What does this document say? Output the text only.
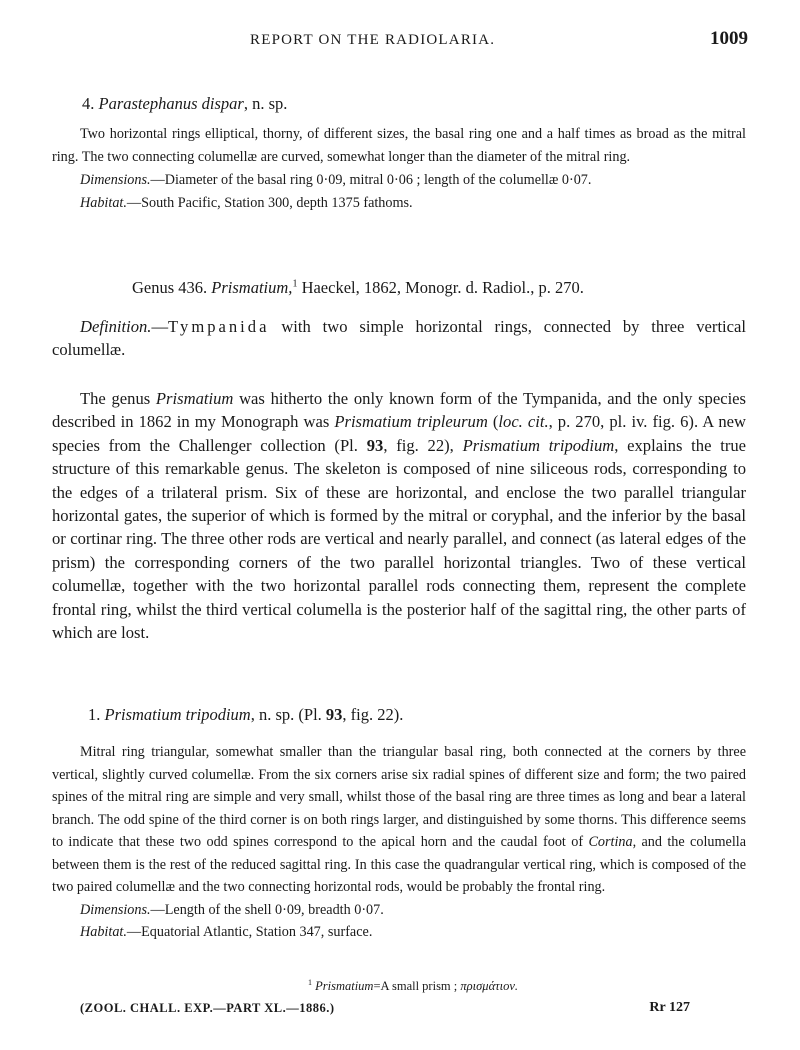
REPORT ON THE RADIOLARIA.	1009
4. Parastephanus dispar, n. sp.

Two horizontal rings elliptical, thorny, of different sizes, the basal ring one and a half times as broad as the mitral ring. The two connecting columellæ are curved, somewhat longer than the diameter of the mitral ring.

Dimensions.—Diameter of the basal ring 0·09, mitral 0·06 ; length of the columellæ 0·07.

Habitat.—South Pacific, Station 300, depth 1375 fathoms.

Genus 436. Prismatium,$^1$ Haeckel, 1862, Monogr. d. Radiol., p. 270.

Definition.—Tympanida with two simple horizontal rings, connected by three vertical columellæ.

The genus Prismatium was hitherto the only known form of the Tympanida, and the only species described in 1862 in my Monograph was Prismatium tripleurum (loc. cit., p. 270, pl. iv. fig. 6). A new species from the Challenger collection (Pl. 93, fig. 22), Prismatium tripodium, explains the true structure of this remarkable genus. The skeleton is composed of nine siliceous rods, corresponding to the edges of a trilateral prism. Six of these are horizontal, and enclose the two parallel triangular horizontal gates, the superior of which is formed by the mitral or coryphal, and the inferior by the basal or cortinar ring. The three other rods are vertical and nearly parallel, and connect (as lateral edges of the prism) the corresponding corners of the two parallel horizontal triangles. Two of these vertical columellæ, together with the two horizontal parallel rods connecting them, represent the complete frontal ring, whilst the third vertical columella is the posterior half of the sagittal ring, the other parts of which are lost.

1. Prismatium tripodium, n. sp. (Pl. 93, fig. 22).

Mitral ring triangular, somewhat smaller than the triangular basal ring, both connected at the corners by three vertical, slightly curved columellæ. From the six corners arise six radial spines of different size and form; the two paired spines of the mitral ring are simple and very small, whilst those of the basal ring are three times as long and bear a lateral branch. The odd spine of the third corner is on both rings larger, and distinguished by some thorns. This difference seems to indicate that these two odd spines correspond to the apical horn and the caudal foot of Cortina, and the columella between them is the rest of the reduced sagittal ring. In this case the quadrangular vertical ring, which is composed of the two paired columellæ and the two connecting horizontal rods, would be probably the frontal ring.

Dimensions.—Length of the shell 0·09, breadth 0·07.

Habitat.—Equatorial Atlantic, Station 347, surface.

$^1$ Prismatium=A small prism ; πρισμάτιον.
(ZOOL. CHALL. EXP.—PART XL.—1886.)	Rr 127
